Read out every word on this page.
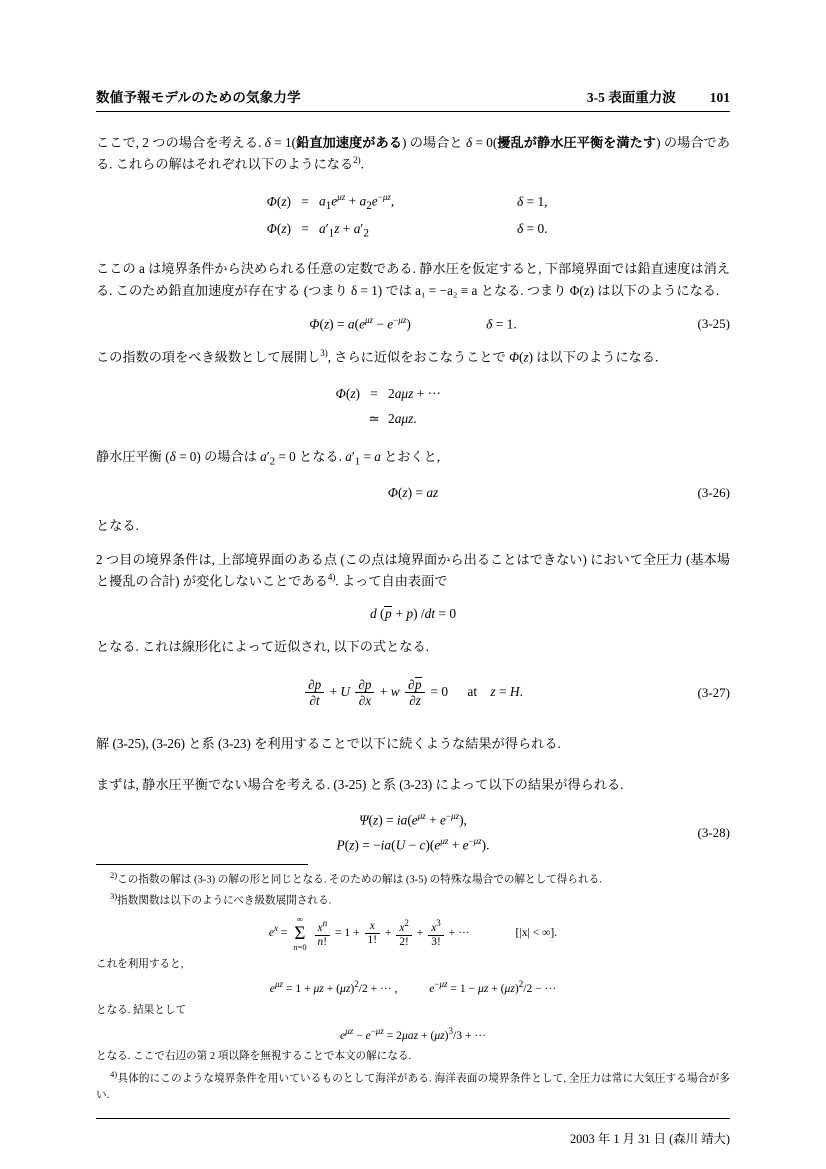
数値予報モデルのための気象力学	3-5 表面重力波	101
ここで, 2 つの場合を考える. δ = 1(鉛直加速度がある) の場合と δ = 0(擾乱が静水圧平衡を満たす) の場合である. これらの解はそれぞれ以下のようになる$^{2)}$.
$\Phi(z) = a_1e^{\mu z} + a_2e^{-\mu z}$,	δ = 1,
$\Phi(z) = a'_1z + a'_2$	δ = 0.
ここの a は境界条件から決められる任意の定数である. 静水圧を仮定すると, 下部境界面では鉛直速度は消える. このため鉛直加速度が存在する (つまり δ = 1) では a₁ = −a₂ ≡ a となる. つまり Φ(z) は以下のようになる.
$\Phi(z) = a(e^{\mu z} - e^{-\mu z})$	δ = 1.	(3-25)
この指数の項をべき級数として展開し$^{3)}$, さらに近似をおこなうことで Φ(z) は以下のようになる.
Φ(z) = 2aμz + ···
≃ 2aμz.
静水圧平衡 (δ = 0) の場合は $a'_2 = 0$ となる. $a'_1 = a$ とおくと,
Φ(z) = az	(3-26)
となる.
2 つ目の境界条件は, 上部境界面のある点 (この点は境界面から出ることはできない) において全圧力 (基本場と擾乱の合計) が変化しないことである$^{4)}$. よって自由表面で
d (p + p) /dt = 0
となる. これは線形化によって近似され, 以下の式となる.
$\frac{\partial p}{\partial t} + U \frac{\partial p}{\partial x} + w \frac{\partial p}{\partial z} = 0$ at z = H.	(3-27)
解 (3-25), (3-26) と系 (3-23) を利用することで以下に続くような結果が得られる.
まずは, 静水圧平衡でない場合を考える. (3-25) と系 (3-23) によって以下の結果が得られる.
$\Psi(z) = ia(e^{\mu z} + e^{-\mu z})$,
$P(z) = -ia(U - c)(e^{\mu z} + e^{-\mu z})$.
(3-28)
$^{2)}$この指数の解は (3-3) の解の形と同じとなる. そのための解は (3-5) の特殊な場合での解として得られる.
$^{3)}$指数関数は以下のようにべき級数展開される.
$e^x$ =
∞
Σ
n=0
$\frac{x^n}{n!} = 1 + \frac{x}{1!} + \frac{x^2}{2!} + \frac{x^3}{3!}$ + ···	[|x| < ∞].
これを利用すると,
$e^{\mu z} = 1 + \mu z + (\mu z)^2/2$ + ··· ,  $e^{-\mu z} = 1 - \mu z + (\mu z)^2/2$ − ···
となる. 結果として
$e^{\mu z} - e^{-\mu z} = 2\mu az + (\mu z)^3/3$ + ···
となる. ここで右辺の第 2 項以降を無視することで本文の解になる.
$^{4)}$具体的にこのような境界条件を用いているものとして海洋がある. 海洋表面の境界条件として, 全圧力は常に大気圧する場合が多い.
2003 年 1 月 31 日 (森川 靖大)
